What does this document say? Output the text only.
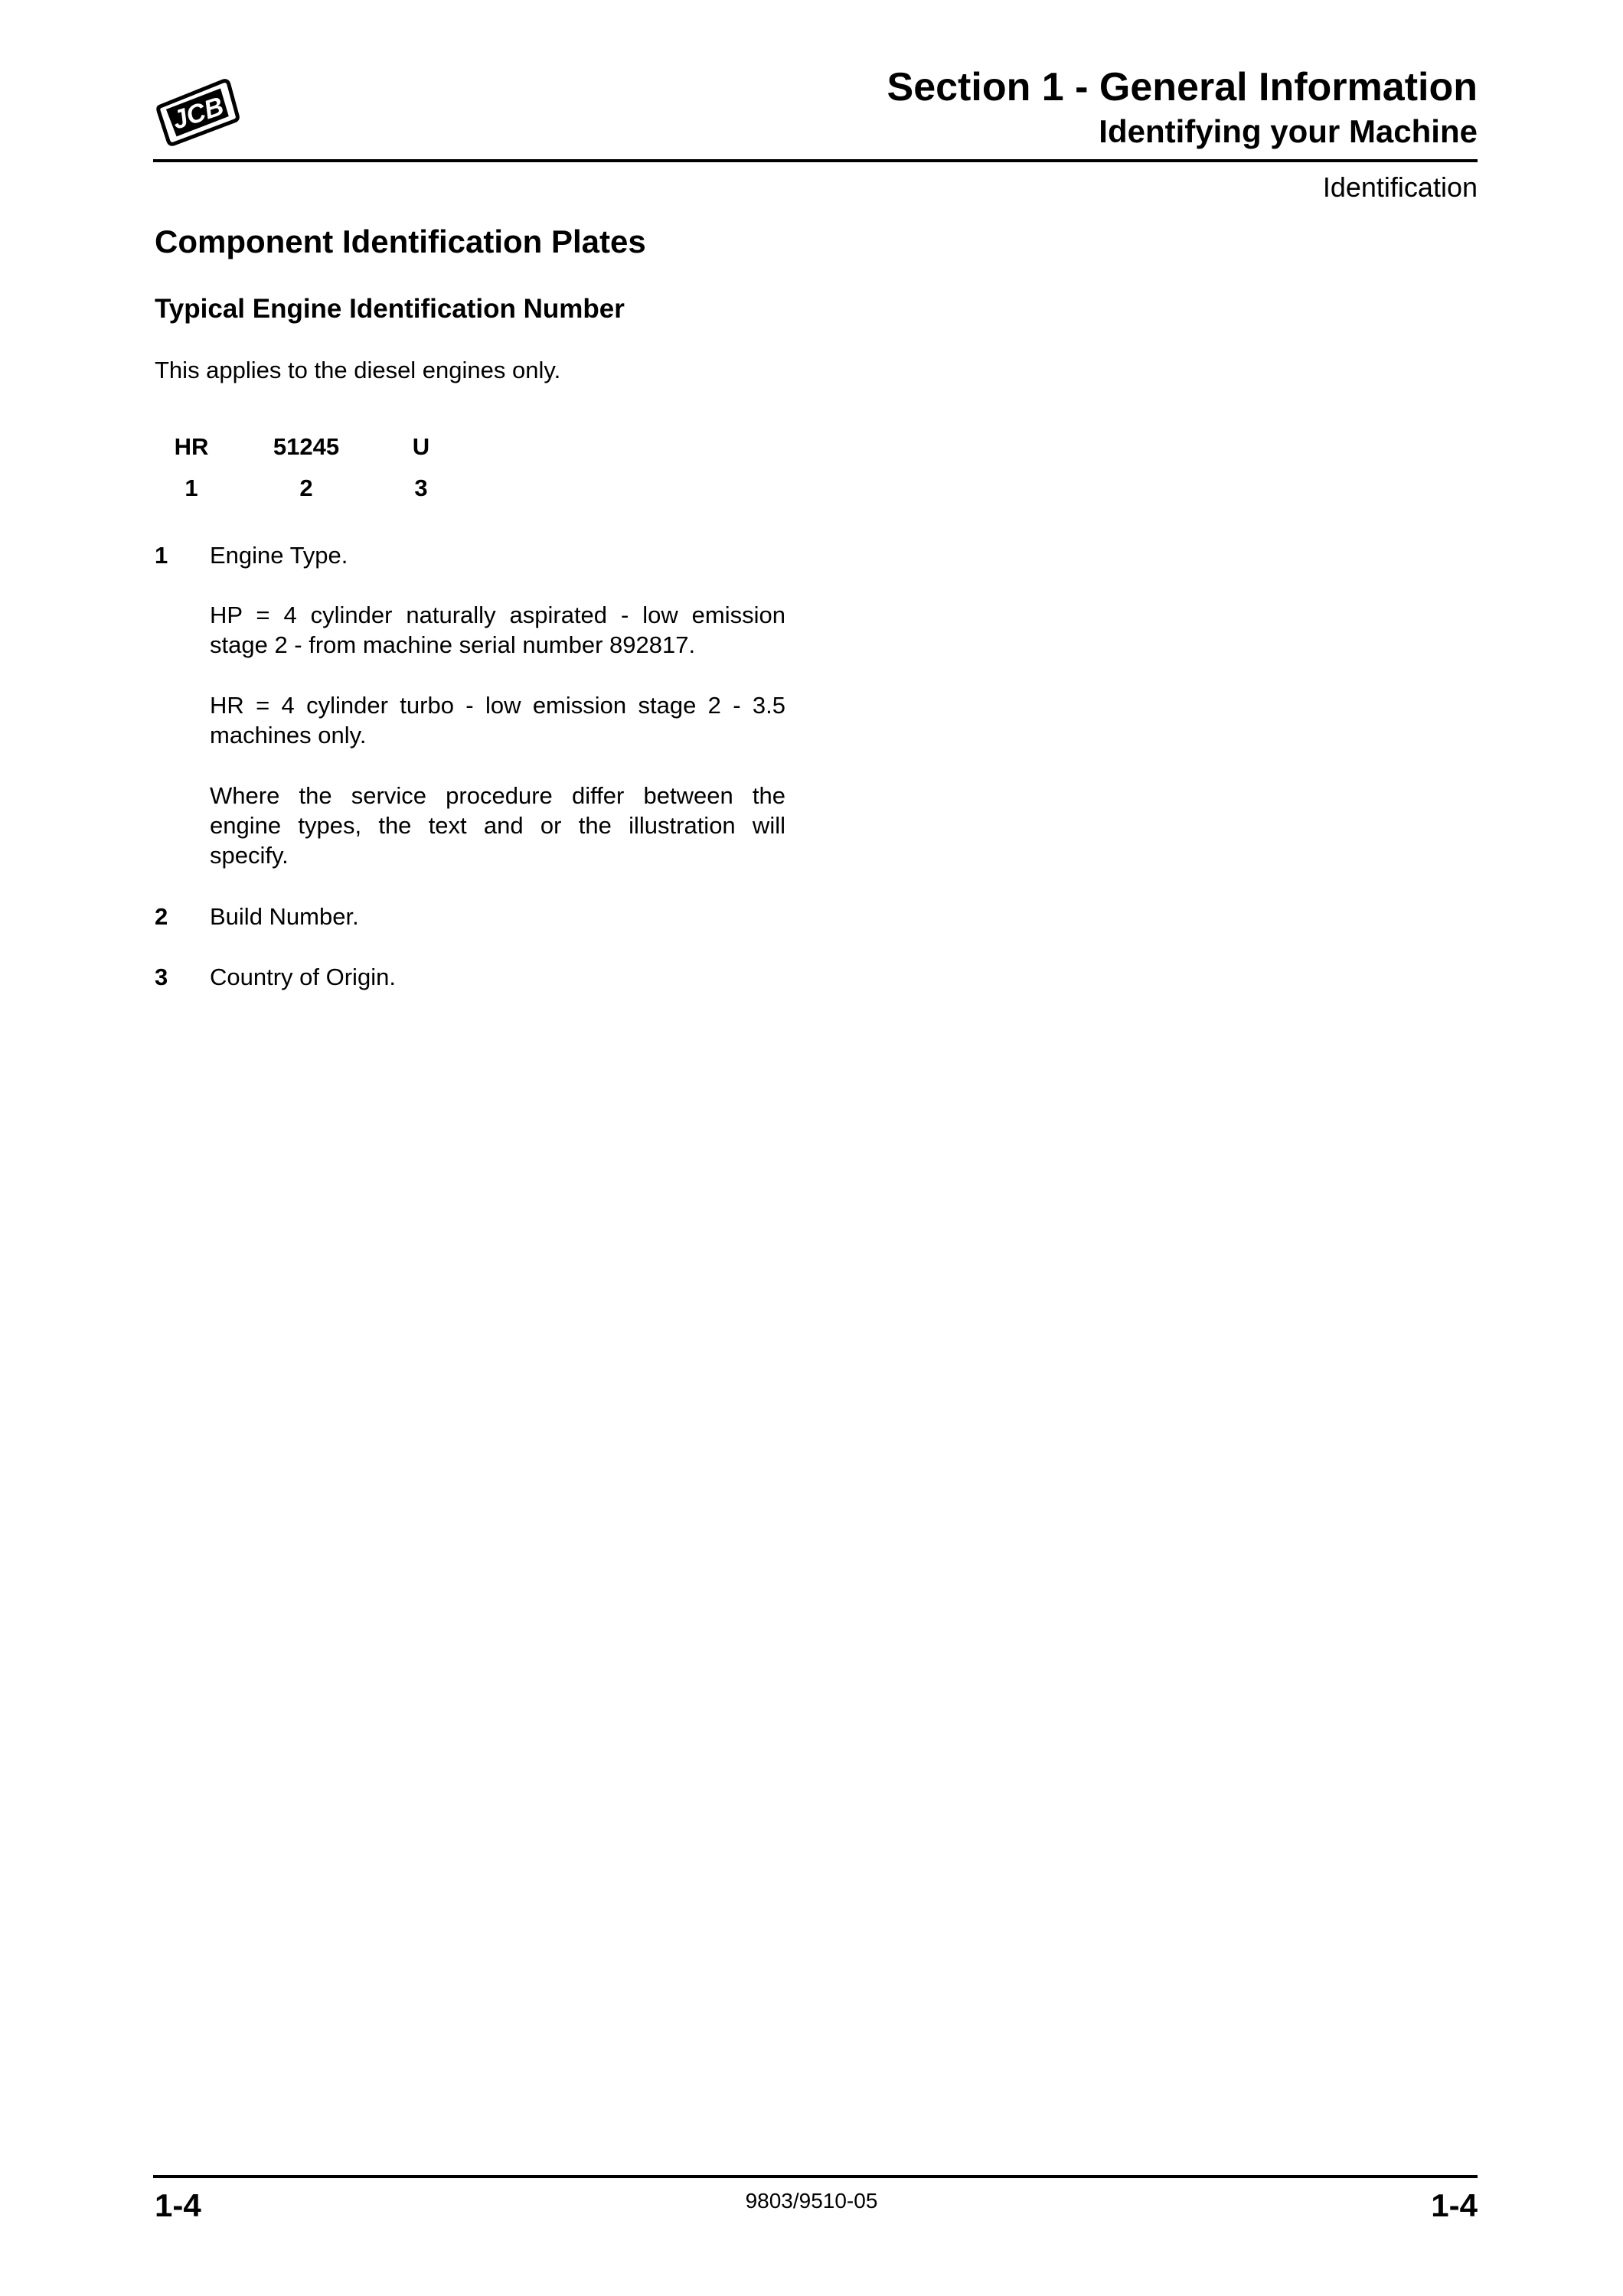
JCB
Section 1 - General Information
Identifying your Machine
Identification
Component Identification Plates
Typical Engine Identification Number
This applies to the diesel engines only.
HR	51245	U
1	2	3
1 Engine Type.
HP = 4 cylinder naturally aspirated - low emission stage 2 - from machine serial number 892817.
HR = 4 cylinder turbo - low emission stage 2 - 3.5 machines only.
Where the service procedure differ between the engine types, the text and or the illustration will specify.
2 Build Number.
3 Country of Origin.
1-4	9803/9510-05	1-4
